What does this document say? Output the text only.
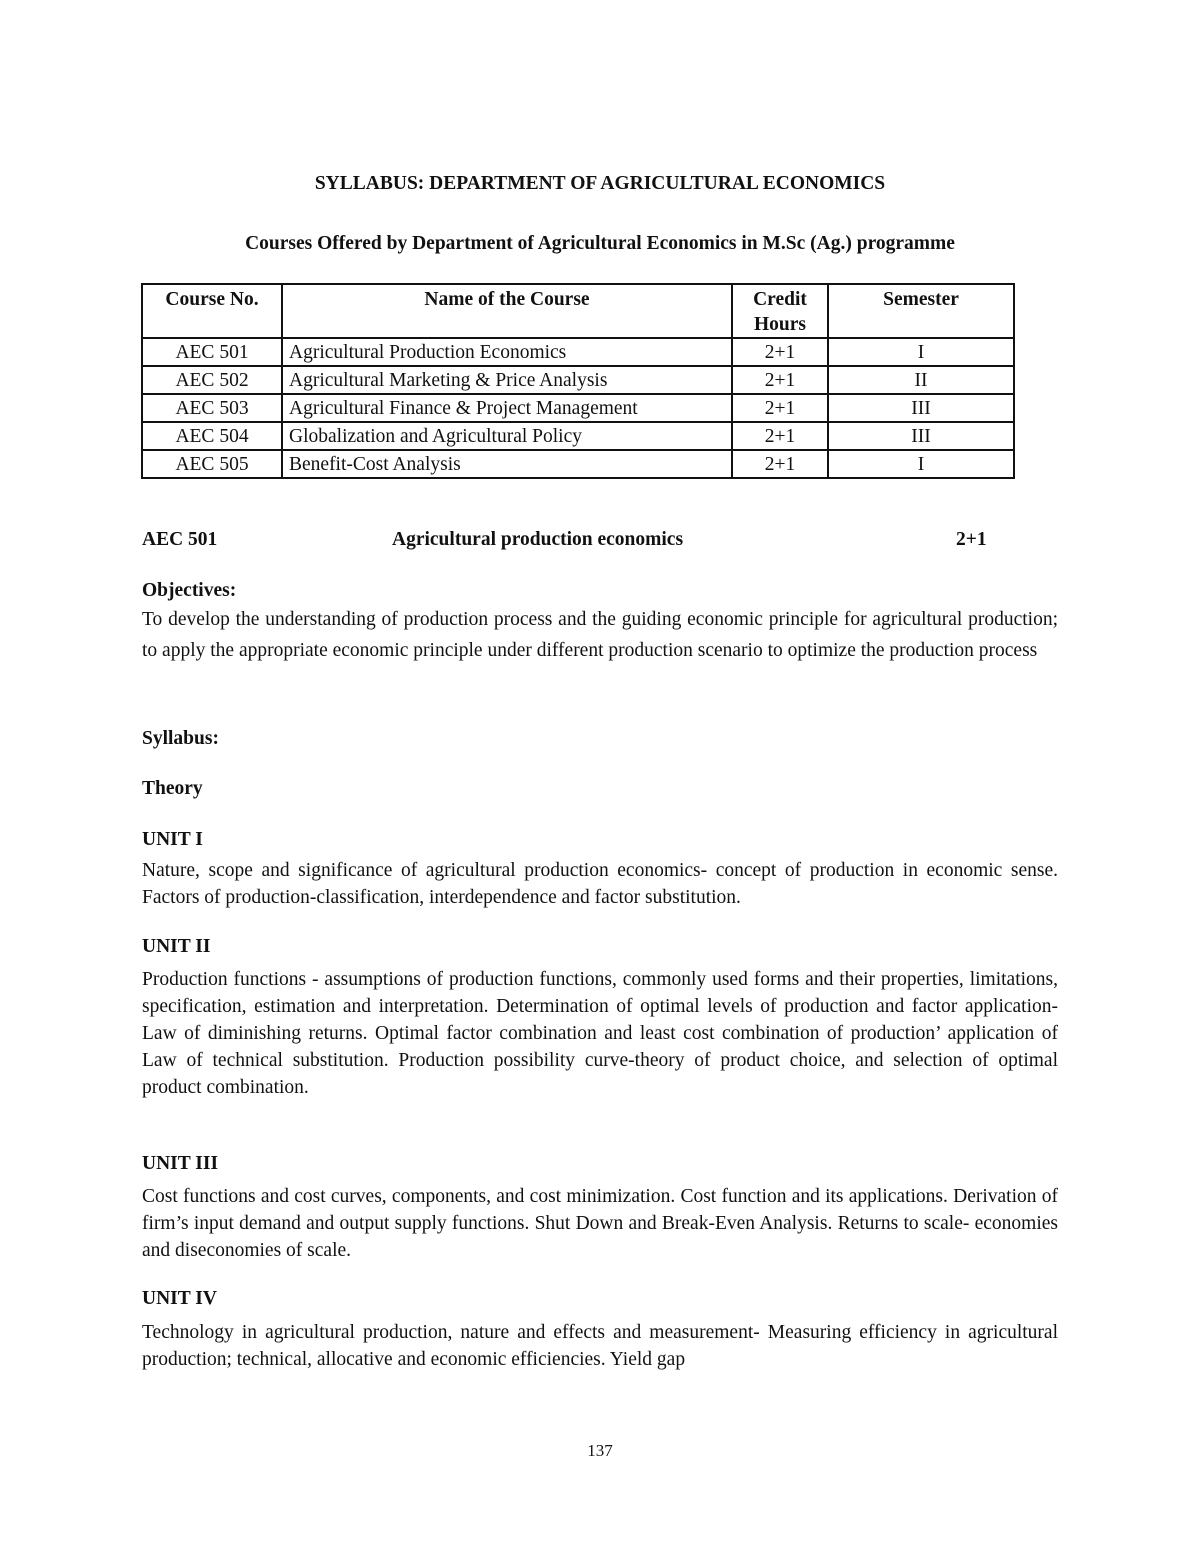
SYLLABUS: DEPARTMENT OF AGRICULTURAL ECONOMICS
Courses Offered by Department of Agricultural Economics in M.Sc (Ag.) programme
Course No.	Name of the Course	Credit Hours	Semester
AEC 501	Agricultural Production Economics	2+1	I
AEC 502	Agricultural Marketing & Price Analysis	2+1	II
AEC 503	Agricultural Finance & Project Management	2+1	III
AEC 504	Globalization and Agricultural Policy	2+1	III
AEC 505	Benefit-Cost Analysis	2+1	I
AEC 501	Agricultural production economics	2+1
Objectives:
To develop the understanding of production process and the guiding economic principle for agricultural production; to apply the appropriate economic principle under different production scenario to optimize the production process
Syllabus:
Theory
UNIT I
Nature, scope and significance of agricultural production economics- concept of production in economic sense. Factors of production-classification, interdependence and factor substitution.
UNIT II
Production functions - assumptions of production functions, commonly used forms and their properties, limitations, specification, estimation and interpretation. Determination of optimal levels of production and factor application-Law of diminishing returns. Optimal factor combination and least cost combination of production’ application of Law of technical substitution. Production possibility curve-theory of product choice, and selection of optimal product combination.
UNIT III
Cost functions and cost curves, components, and cost minimization. Cost function and its applications. Derivation of firm’s input demand and output supply functions. Shut Down and Break-Even Analysis. Returns to scale- economies and diseconomies of scale.
UNIT IV
Technology in agricultural production, nature and effects and measurement- Measuring efficiency in agricultural production; technical, allocative and economic efficiencies. Yield gap
137
